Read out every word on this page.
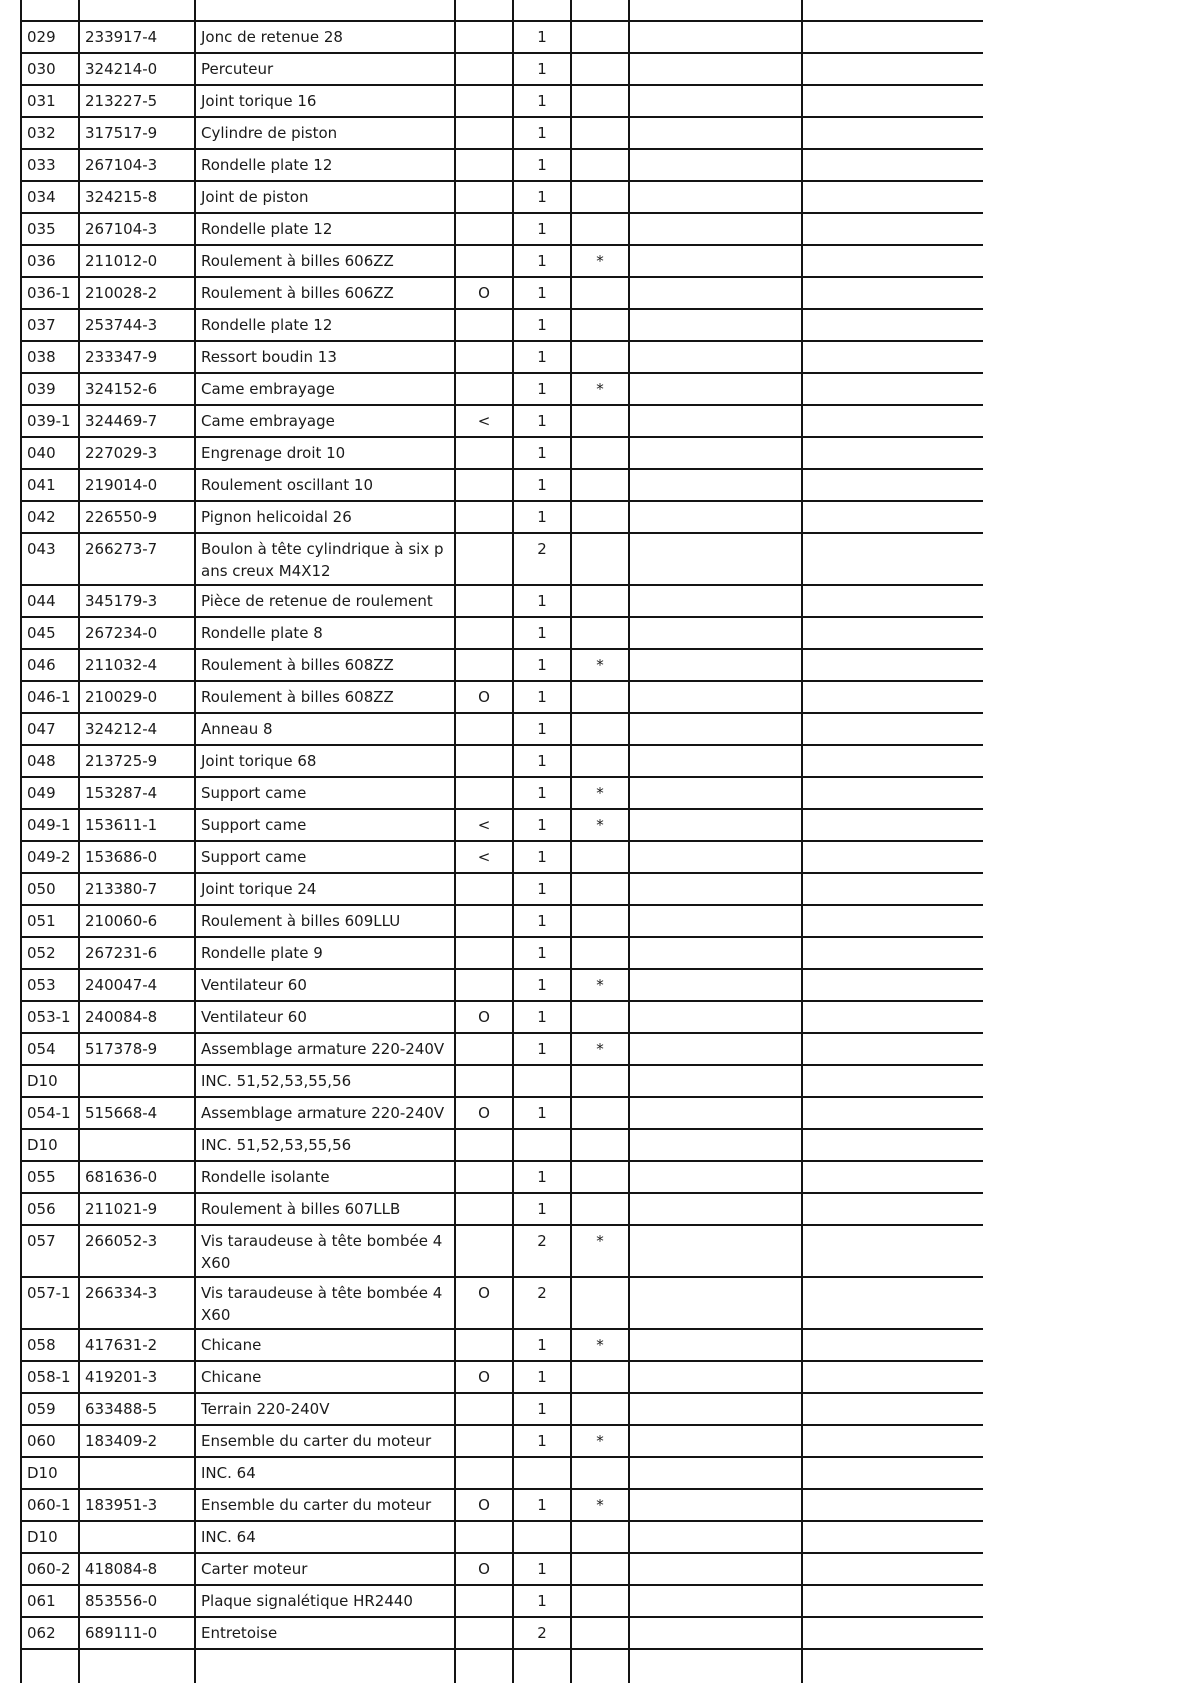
029	233917-4	Jonc de retenue 28		1			
030	324214-0	Percuteur		1			
031	213227-5	Joint torique 16		1			
032	317517-9	Cylindre de piston		1			
033	267104-3	Rondelle plate 12		1			
034	324215-8	Joint de piston		1			
035	267104-3	Rondelle plate 12		1			
036	211012-0	Roulement à billes 606ZZ		1	*		
036-1	210028-2	Roulement à billes 606ZZ	O	1			
037	253744-3	Rondelle plate 12		1			
038	233347-9	Ressort boudin 13		1			
039	324152-6	Came embrayage		1	*		
039-1	324469-7	Came embrayage	<	1			
040	227029-3	Engrenage droit 10		1			
041	219014-0	Roulement oscillant 10		1			
042	226550-9	Pignon helicoidal 26		1			
043	266273-7	Boulon à tête cylindrique à six pans creux M4X12		2			
044	345179-3	Pièce de retenue de roulement		1			
045	267234-0	Rondelle plate 8		1			
046	211032-4	Roulement à billes 608ZZ		1	*		
046-1	210029-0	Roulement à billes 608ZZ	O	1			
047	324212-4	Anneau 8		1			
048	213725-9	Joint torique 68		1			
049	153287-4	Support came		1	*		
049-1	153611-1	Support came	<	1	*		
049-2	153686-0	Support came	<	1			
050	213380-7	Joint torique 24		1			
051	210060-6	Roulement à billes 609LLU		1			
052	267231-6	Rondelle plate 9		1			
053	240047-4	Ventilateur 60		1	*		
053-1	240084-8	Ventilateur 60	O	1			
054	517378-9	Assemblage armature 220-240V		1	*		
D10		INC. 51,52,53,55,56					
054-1	515668-4	Assemblage armature 220-240V	O	1			
D10		INC. 51,52,53,55,56					
055	681636-0	Rondelle isolante		1			
056	211021-9	Roulement à billes 607LLB		1			
057	266052-3	Vis taraudeuse à tête bombée 4X60		2	*		
057-1	266334-3	Vis taraudeuse à tête bombée 4X60	O	2			
058	417631-2	Chicane		1	*		
058-1	419201-3	Chicane	O	1			
059	633488-5	Terrain 220-240V		1			
060	183409-2	Ensemble du carter du moteur		1	*		
D10		INC. 64					
060-1	183951-3	Ensemble du carter du moteur	O	1	*		
D10		INC. 64					
060-2	418084-8	Carter moteur	O	1			
061	853556-0	Plaque signalétique HR2440		1			
062	689111-0	Entretoise		2			
